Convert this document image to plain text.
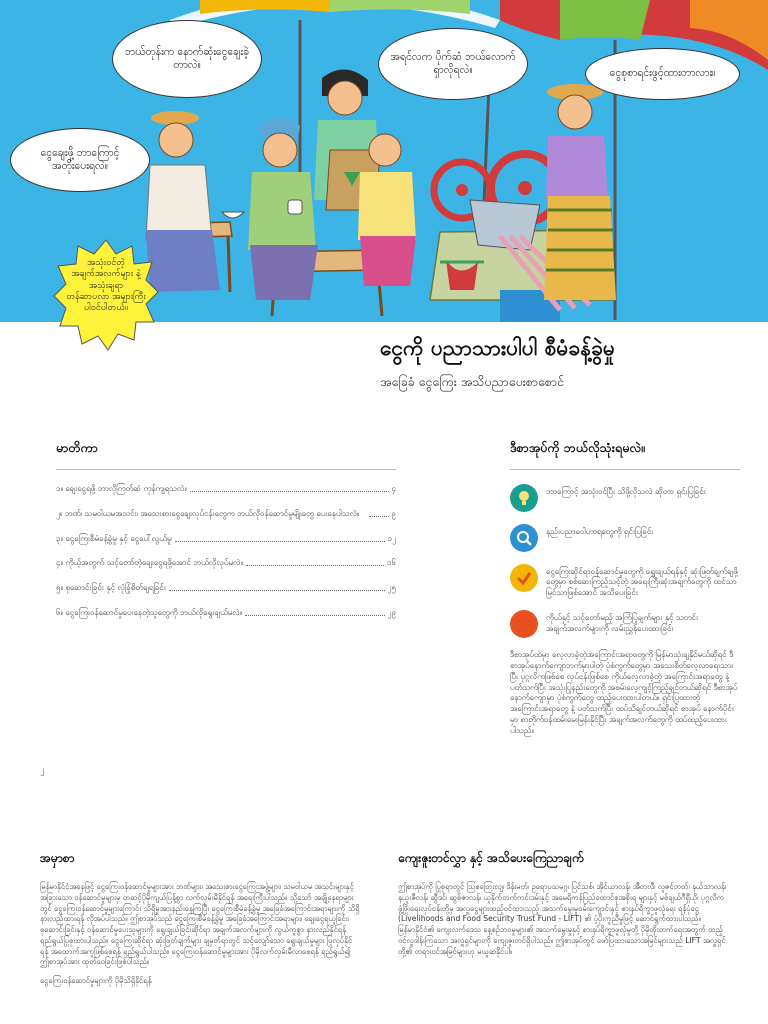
ဘယ်တုန်းက နောက်ဆုံးငွေချေးခဲ့တာလဲ။
အရင်လက ပိုက်ဆံ ဘယ်လောက်ရှာလိုရလဲ။	ငွေစုစာရင်းဖွင့်ထားတာလား။
ငွေချေးဖို့ ဘာကြောင့် အတိုးပေးရလဲ။
အသုံးဝင်တဲ့ အချက်အလက်များ နဲ့ အသုံးချရာ တန်ဆာပလာ အများကြီး ပါဝင်ပါတယ်။
ငွေကို ပညာသားပါပါ စီမံခန့်ခွဲမှု
အခြေခံ ငွေကြေး အသိပညာပေးစာစောင်
မာတိကာ
၁။ ချေးငွေရဖို့ ဘာလိုကြတ်ဆံ ကုန်ကျရသလဲ။	၄
၂။ ဘဏ်၊ သမဝါယမအသင်း၊ အသေးစားငွေချေးလုပ်ငန်းတွေက ဘယ်လိုဝန်ဆောင်မှုမျိုးတွေ ပေးနေပါသလဲ။	၉
၃။ ငွေကြေးစီမံခန့်ခွဲမှု နှင့် ငွေပေါ်လွယ်မှု	၁၂
၄။ ကိုယ့်အတွက် သင့်တော်တဲ့ချေးငွေရဖို့အောင် ဘယ်လိုလုပ်မလဲ။	၁၆
၅။ စုဆောင်းခြင်း နှင့် လုံခြုံစိတ်ချရခြင်း	၂၅
၆။ ငွေကြေးဝန်ဆောင်မှုပေးနေတဲ့သူတွေကို ဘယ်လိုရွေးချယ်မလဲ။	၂၉
ဒီစာအုပ်ကို ဘယ်လိုသုံးရမလဲ။
ဘာကြောင့် အသုံးဝင်ပြီး သိဖို့လိုသလဲ ဆိုတာ ရှင်းပြခြင်း
နည်းပညာဝေါဟာရတွေကို ရှင်းပြခြင်း
ငွေကြေးဆိုင်ရာဝန်ဆောင်မှုတွေကို ရွေးချယ်ရန်နှင့် ဆုံးဖြတ်ချက်ချဖို့တွေမှာ စစ်ဆေးကြည့်သင့်တဲ့ အရေးကြီးဆုံးအချက်တွေကို ထင်သာမြင်သာဖြစ်အောင် အသိပေးခြင်း
ကိုယ်နှင့် သင့်တော်မည့် အကြံပြုချက်များ နှင့် သတင်းအချက်အလက်များကို လမ်းညွှန်ပေးထားခြင်း
ဒီစာအုပ်ထဲမှာ လေ့လာခဲ့တဲ့အကြောင်းအရာတွေကို မြန်မာသုံးချနိုင်မယ်ဆိုရင် ဒီစာအုပ်နောက်ကျောဘက်မှာပါတဲ့ ပုံစံကွက်တွေမှာ အသေးစိတ်လေ့လာရေးသားပြီး ပုဂ္ဂလိကဖြစ်စေ လုပ်ငန်းဖြစ်စေ ကိုယ်လေ့လာခဲ့တဲ့ အကြောင်းအရာတွေ နဲ့ ပတ်သက်ပြီး အသုံးပြုနည်းတွေကို အစမ်းလေ့ကျင့်ကြည့်ချင်တယ်ဆိုရင် ဒီစာအုပ်နောက်ကျောမှာ ပုံစံကွက်တွေ ထည့်ပေးထားပါတယ်။ ရှင်းပြထားတဲ့ အကြောင်းအရာတွေ နဲ့ ပတ်သက်ပြီး ထပ်သိချင်တယ်ဆိုရင် စာအုပ် နောက်ပိုင်းမှာ စာတိုက်ဝန်ထမ်းမေးမြန်းနိုင်ပြီး အချက်အလက်တွေကို ထပ်ထည့်ပေးထားပါသည်။
၂
အမှာစာ
မြန်မာနိုင်ငံအနေဖြင့် ငွေကြေးဝန်ဆောင်မှုများအား ဘဏ်များ၊ အသေးစားငွေကြေးအဖွဲ့များ၊ သမဝါယမ အသင်းများနှင့် အခြားသော ဝန်ဆောင်မှုများမှ တဆင့်ပိုမိုကျယ်ပြန့်စွာ လက်လှမ်းမီနိုင်ရန် အရေးကြီးပါသည်။ သို့သော် အချို့နေရာများတွင် ငွေကြေးဝန်ဆောင်မှုများကြောင်း သိရှိမှုအားနည်းနေကြပြီး ငွေကြေးစီမံခန့်ခွဲမှု အခြေခံအကြောင်းအရာများကို သိရှိနားလည်ထားရန် လိုအပ်ပါသည်။ ဤစာအုပ်သည် ငွေကြေးစီမံခန့်ခွဲမှု အခြေခံအကြောင်းအရာများ၊ ချေးငွေရယူခြင်း၊ စုဆောင်းခြင်းနှင့် ဝန်ဆောင်မှုပေးသူများကို ရွေးချယ်ခြင်းဆိုင်ရာ အချက်အလက်များကို လွယ်ကူစွာ နားလည်နိုင်ရန် ရည်ရွယ်ပြုစုထားပါသည်။ ငွေကြေးဆိုင်ရာ ဆုံးဖြတ်ချက်များ ချမှတ်ရာတွင် သင့်လျော်သော ရွေးချယ်မှုများ ပြုလုပ်နိုင်ရန် အထောက်အကူဖြစ်စေရန် ရည်ရွယ်ပါသည်။ ငွေကြေးဝန်ဆောင်မှုများအား ပိုမိုလက်လှမ်းမီလာစေရန် ရည်ရွယ်၍ ဤစာအုပ်အား ထုတ်ဝေခြင်းဖြစ်ပါသည်။
ငွေကြေးဝန်ဆောင်မှုများကို ပိုမိုသိရှိနိုင်ရန်
ကျေးဇူးတင်လွှာ နှင့် အသိပေးကြေညာချက်
ဤစာအုပ်ကို ပြုစုရာတွင် ဩစတြေးလျ၊ ဒိန်းမတ်၊ ဥရောပသမဂ္ဂ၊ ပြင်သစ်၊ အိုင်ယာလန်၊ အီတလီ၊ လူဇင်ဘတ်၊ နယ်သာလန်၊ နယူးဇီလန်၊ ဆွီဒင်၊ ဆွစ်ဇာလန်၊ ယူနိုက်တက်ကင်းဒမ်းနှင့် အမေရိကန်ပြည်ထောင်စုအစိုးရ များနှင့် မစ်ချယ်ဂီရှီယို၊ ပုဂ္ဂလိကဖွံ့ဖြိုးရေးလုပ်ငန်းတို့မှ အလှူငွေများထည့်ဝင်ထားသည့် အသက်မွေးမှုဝမ်းကျောင်းနှင့် စားနပ်ရိက္ခာဖူလုံရေး ရန်ပုံငွေ (Livelihoods and Food Security Trust Fund - LIFT) ၏ ပံ့ပိုးကူညီမှုဖြင့် ဆောင်ရွက်ထားပါသည်။ မြန်မာနိုင်ငံ၏ ကျေးလက်ဒေသ နေ့စဉ်ဘဝမှုများ၏ အသက်မွေးမှုနှင့် စားနပ်ရိက္ခာဖူလုံမှုတို့ ပိုမိုတိုးတက်ရေးအတွက် ထည့်ဝင်လှူဒါန်းကြသော အလှူရှင်များကို ကျေးဇူးတင်ရှိပါသည်။ ဤစာအုပ်တွင် ဖော်ပြထားသောအမြင်များသည် LIFT အလှူရှင်တို့၏ တရားဝင်အမြင်များဟု မယူဆနိုင်ပါ။
